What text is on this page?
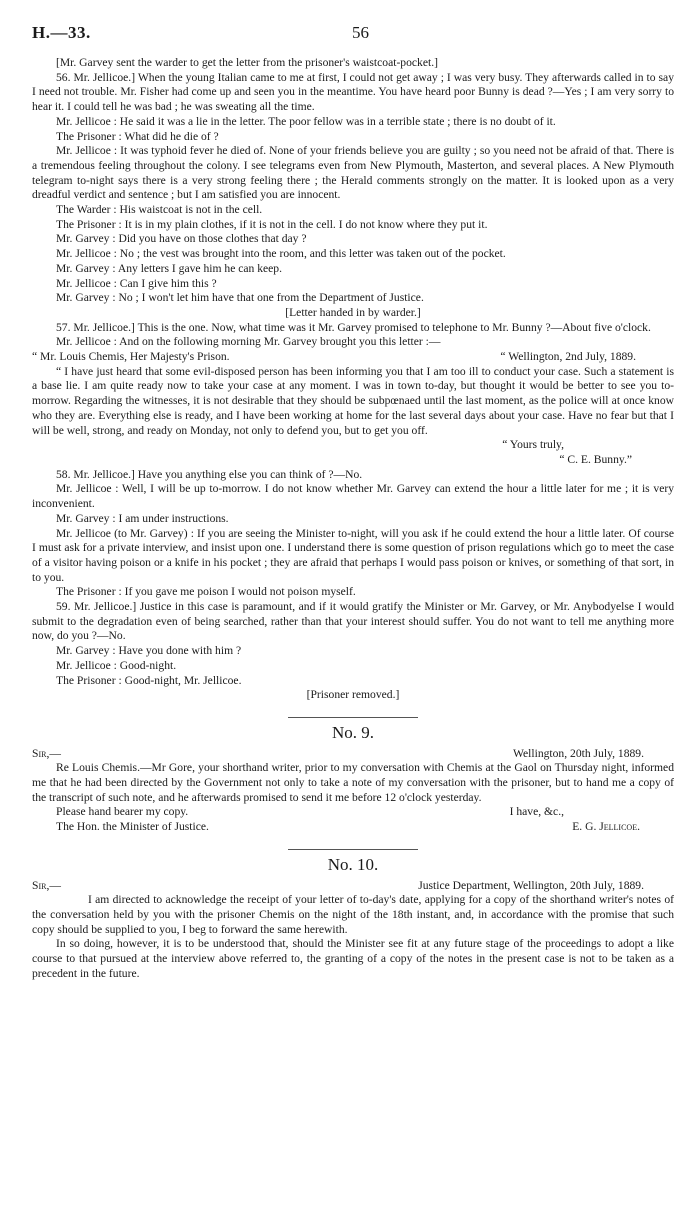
H.—33.	56

[Mr. Garvey sent the warder to get the letter from the prisoner's waistcoat-pocket.]

56. Mr. Jellicoe.] When the young Italian came to me at first, I could not get away ; I was very busy. They afterwards called in to say I need not trouble. Mr. Fisher had come up and seen you in the meantime. You have heard poor Bunny is dead ?—Yes ; I am very sorry to hear it. I could tell he was bad ; he was sweating all the time.

Mr. Jellicoe : He said it was a lie in the letter. The poor fellow was in a terrible state ; there is no doubt of it.

The Prisoner : What did he die of ?

Mr. Jellicoe : It was typhoid fever he died of. None of your friends believe you are guilty ; so you need not be afraid of that. There is a tremendous feeling throughout the colony. I see telegrams even from New Plymouth, Masterton, and several places. A New Plymouth telegram to-night says there is a very strong feeling there ; the Herald comments strongly on the matter. It is looked upon as a very dreadful verdict and sentence ; but I am satisfied you are innocent.

The Warder : His waistcoat is not in the cell.

The Prisoner : It is in my plain clothes, if it is not in the cell. I do not know where they put it.

Mr. Garvey : Did you have on those clothes that day ?

Mr. Jellicoe : No ; the vest was brought into the room, and this letter was taken out of the pocket.

Mr. Garvey : Any letters I gave him he can keep.

Mr. Jellicoe : Can I give him this ?

Mr. Garvey : No ; I won't let him have that one from the Department of Justice.

[Letter handed in by warder.]

57. Mr. Jellicoe.] This is the one. Now, what time was it Mr. Garvey promised to telephone to Mr. Bunny ?—About five o'clock.

Mr. Jellicoe : And on the following morning Mr. Garvey brought you this letter :—

“ Mr. Louis Chemis, Her Majesty's Prison.	“ Wellington, 2nd July, 1889.

“ I have just heard that some evil-disposed person has been informing you that I am too ill to conduct your case. Such a statement is a base lie. I am quite ready now to take your case at any moment. I was in town to-day, but thought it would be better to see you to-morrow. Regarding the witnesses, it is not desirable that they should be subpœnaed until the last moment, as the police will at once know who they are. Everything else is ready, and I have been working at home for the last several days about your case. Have no fear but that I will be well, strong, and ready on Monday, not only to defend you, but to get you off.

“ Yours truly,

“ C. E. Bunny.”

58. Mr. Jellicoe.] Have you anything else you can think of ?—No.

Mr. Jellicoe : Well, I will be up to-morrow. I do not know whether Mr. Garvey can extend the hour a little later for me ; it is very inconvenient.

Mr. Garvey : I am under instructions.

Mr. Jellicoe (to Mr. Garvey) : If you are seeing the Minister to-night, will you ask if he could extend the hour a little later. Of course I must ask for a private interview, and insist upon one. I understand there is some question of prison regulations which go to meet the case of a visitor having poison or a knife in his pocket ; they are afraid that perhaps I would pass poison or knives, or something of that sort, in to you.

The Prisoner : If you gave me poison I would not poison myself.

59. Mr. Jellicoe.] Justice in this case is paramount, and if it would gratify the Minister or Mr. Garvey, or Mr. Anybodyelse I would submit to the degradation even of being searched, rather than that your interest should suffer. You do not want to tell me anything more now, do you ?—No.

Mr. Garvey : Have you done with him ?

Mr. Jellicoe : Good-night.

The Prisoner : Good-night, Mr. Jellicoe.

[Prisoner removed.]

No. 9.
Sir,—	Wellington, 20th July, 1889.

Re Louis Chemis.—Mr Gore, your shorthand writer, prior to my conversation with Chemis at the Gaol on Thursday night, informed me that he had been directed by the Government not only to take a note of my conversation with the prisoner, but to hand me a copy of the transcript of such note, and he afterwards promised to send it me before 12 o'clock yesterday.

Please hand bearer my copy.	I have, &c.,
The Hon. the Minister of Justice.	E. G. Jellicoe.
No. 10.
Sir,—	Justice Department, Wellington, 20th July, 1889.

I am directed to acknowledge the receipt of your letter of to-day's date, applying for a copy of the shorthand writer's notes of the conversation held by you with the prisoner Chemis on the night of the 18th instant, and, in accordance with the promise that such copy should be supplied to you, I beg to forward the same herewith.

In so doing, however, it is to be understood that, should the Minister see fit at any future stage of the proceedings to adopt a like course to that pursued at the interview above referred to, the granting of a copy of the notes in the present case is not to be taken as a precedent in the future.
